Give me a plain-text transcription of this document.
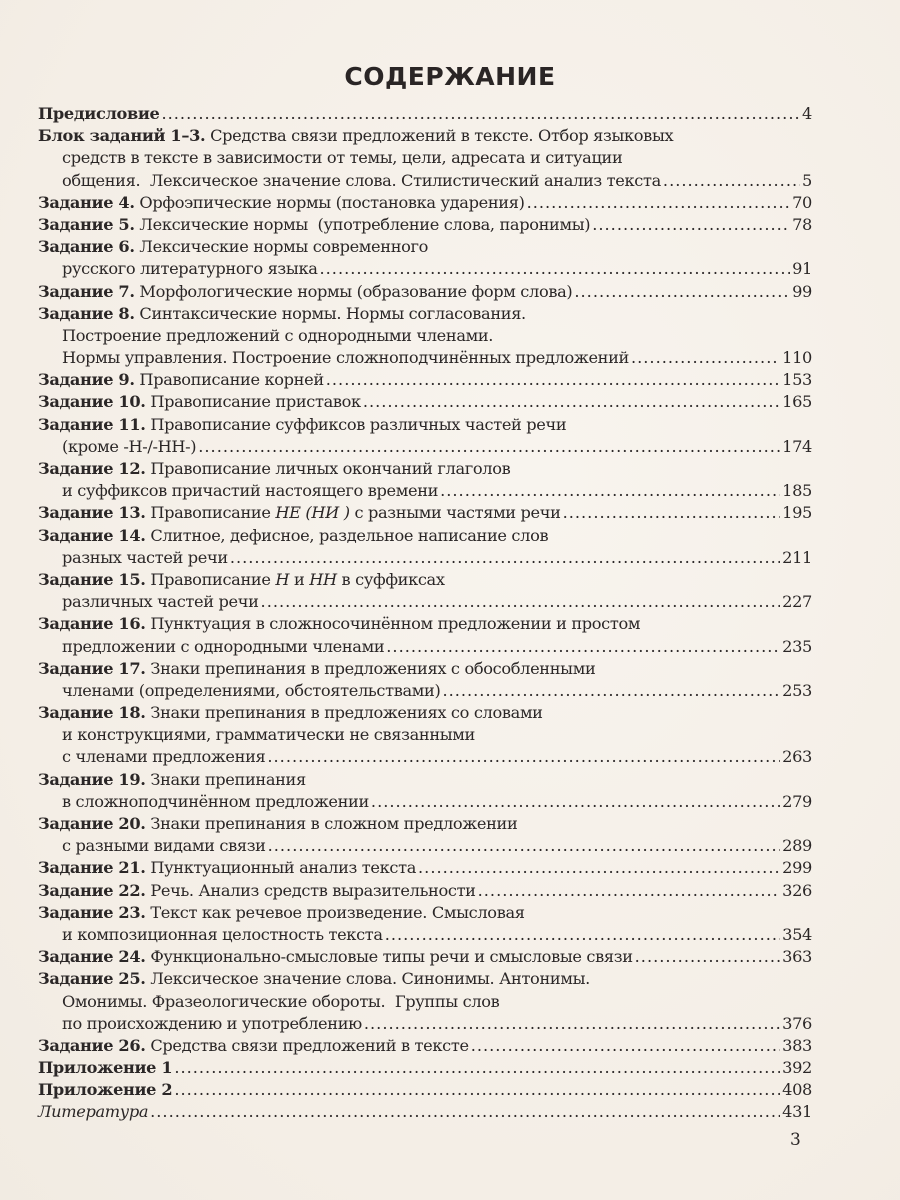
СОДЕРЖАНИЕ
Предисловие .....	4
Блок заданий 1–3. Средства связи предложений в тексте. Отбор языковых
средств в тексте в зависимости от темы, цели, адресата и ситуации
общения.  Лексическое значение слова. Стилистический анализ текста .....	5
Задание 4. Орфоэпические нормы (постановка ударения) .....	70
Задание 5. Лексические нормы  (употребление слова, паронимы) .....	78
Задание 6. Лексические нормы современного
русского литературного языка .....	91
Задание 7. Морфологические нормы (образование форм слова) .....	99
Задание 8. Синтаксические нормы. Нормы согласования.
Построение предложений с однородными членами.
Нормы управления. Построение сложноподчинённых предложений .....	110
Задание 9. Правописание корней .....	153
Задание 10. Правописание приставок .....	165
Задание 11. Правописание суффиксов различных частей речи
(кроме -Н-/-НН-) .....	174
Задание 12. Правописание личных окончаний глаголов
и суффиксов причастий настоящего времени .....	185
Задание 13. Правописание НЕ (НИ ) с разными частями речи .....	195
Задание 14. Слитное, дефисное, раздельное написание слов
разных частей речи .....	211
Задание 15. Правописание Н и НН в суффиксах
различных частей речи .....	227
Задание 16. Пунктуация в сложносочинённом предложении и простом
предложении с однородными членами .....	235
Задание 17. Знаки препинания в предложениях с обособленными
членами (определениями, обстоятельствами) .....	253
Задание 18. Знаки препинания в предложениях со словами
и конструкциями, грамматически не связанными
с членами предложения .....	263
Задание 19. Знаки препинания
в сложноподчинённом предложении .....	279
Задание 20. Знаки препинания в сложном предложении
с разными видами связи .....	289
Задание 21. Пунктуационный анализ текста .....	299
Задание 22. Речь. Анализ средств выразительности .....	326
Задание 23. Текст как речевое произведение. Смысловая
и композиционная целостность текста .....	354
Задание 24. Функционально-смысловые типы речи и смысловые связи .....	363
Задание 25. Лексическое значение слова. Синонимы. Антонимы.
Омонимы. Фразеологические обороты.  Группы слов
по происхождению и употреблению .....	376
Задание 26. Средства связи предложений в тексте .....	383
Приложение 1 .....	392
Приложение 2 .....	408
Литература .....	431
3
